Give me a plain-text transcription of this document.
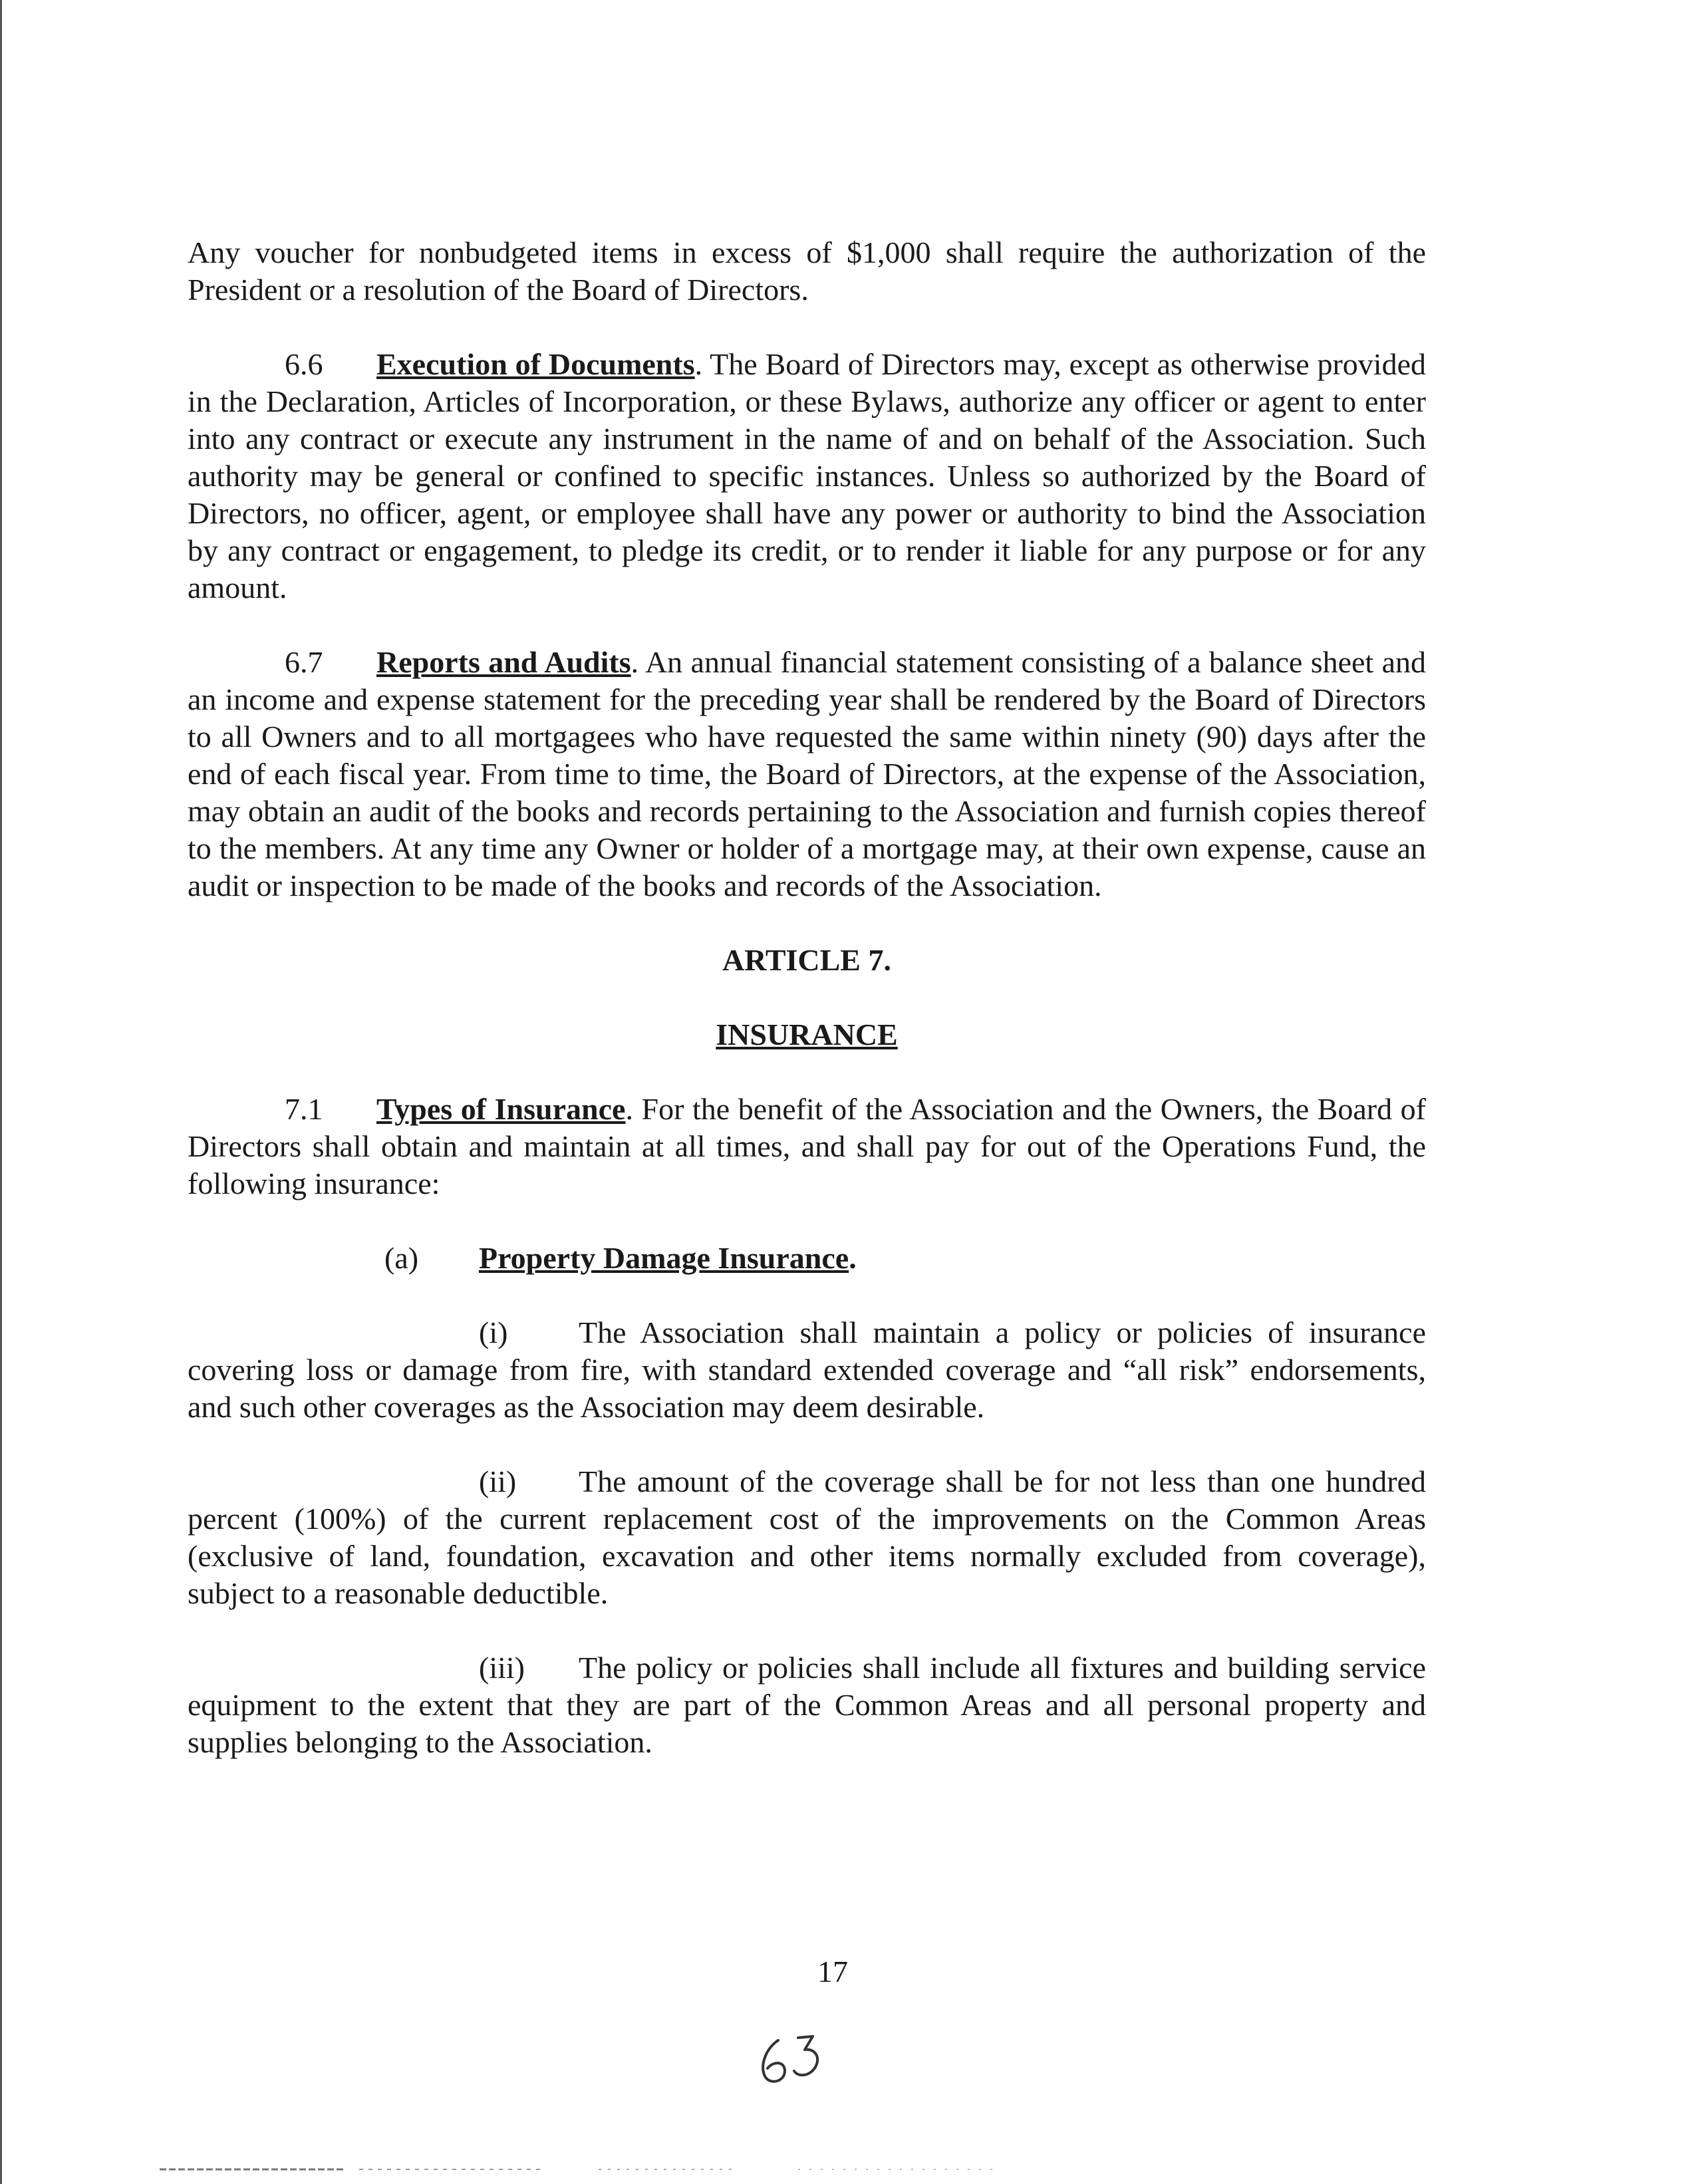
Any voucher for nonbudgeted items in excess of $1,000 shall require the authorization of the President or a resolution of the Board of Directors.

6.6 Execution of Documents. The Board of Directors may, except as otherwise provided in the Declaration, Articles of Incorporation, or these Bylaws, authorize any officer or agent to enter into any contract or execute any instrument in the name of and on behalf of the Association. Such authority may be general or confined to specific instances. Unless so authorized by the Board of Directors, no officer, agent, or employee shall have any power or authority to bind the Association by any contract or engagement, to pledge its credit, or to render it liable for any purpose or for any amount.

6.7 Reports and Audits. An annual financial statement consisting of a balance sheet and an income and expense statement for the preceding year shall be rendered by the Board of Directors to all Owners and to all mortgagees who have requested the same within ninety (90) days after the end of each fiscal year. From time to time, the Board of Directors, at the expense of the Association, may obtain an audit of the books and records pertaining to the Association and furnish copies thereof to the members. At any time any Owner or holder of a mortgage may, at their own expense, cause an audit or inspection to be made of the books and records of the Association.

ARTICLE 7.

INSURANCE

7.1 Types of Insurance. For the benefit of the Association and the Owners, the Board of Directors shall obtain and maintain at all times, and shall pay for out of the Operations Fund, the following insurance:

(a) Property Damage Insurance.

(i) The Association shall maintain a policy or policies of insurance covering loss or damage from fire, with standard extended coverage and “all risk” endorsements, and such other coverages as the Association may deem desirable.

(ii) The amount of the coverage shall be for not less than one hundred percent (100%) of the current replacement cost of the improvements on the Common Areas (exclusive of land, foundation, excavation and other items normally excluded from coverage), subject to a reasonable deductible.

(iii) The policy or policies shall include all fixtures and building service equipment to the extent that they are part of the Common Areas and all personal property and supplies belonging to the Association.

17
